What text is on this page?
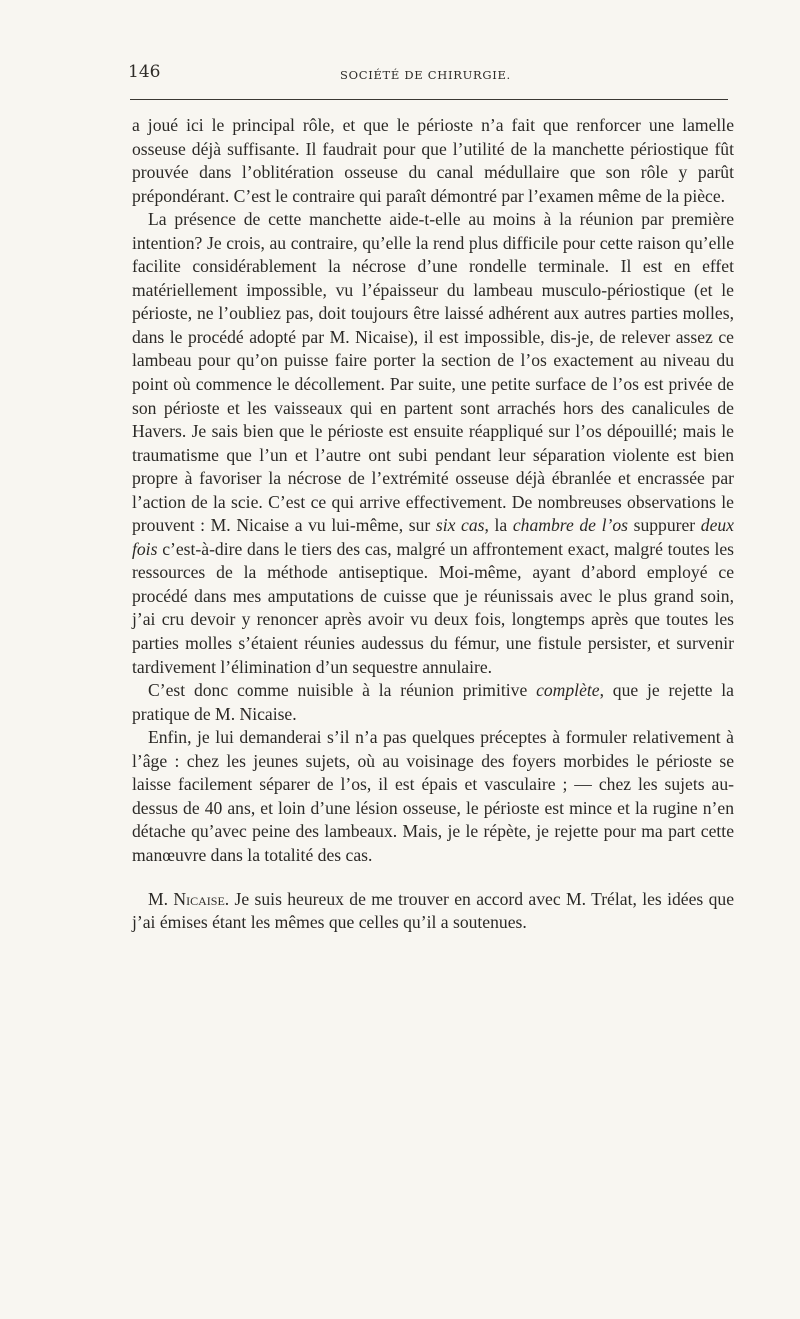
146	SOCIÉTÉ DE CHIRURGIE.

a joué ici le principal rôle, et que le périoste n’a fait que renforcer une lamelle osseuse déjà suffisante. Il faudrait pour que l’utilité de la manchette périostique fût prouvée dans l’oblitération osseuse du canal médullaire que son rôle y parût prépondérant. C’est le contraire qui paraît démontré par l’examen même de la pièce.

La présence de cette manchette aide-t-elle au moins à la réunion par première intention? Je crois, au contraire, qu’elle la rend plus difficile pour cette raison qu’elle facilite considérablement la nécrose d’une rondelle terminale. Il est en effet matériellement impossible, vu l’épaisseur du lambeau musculo-périostique (et le périoste, ne l’oubliez pas, doit toujours être laissé adhérent aux autres parties molles, dans le procédé adopté par M. Nicaise), il est impossible, dis-je, de relever assez ce lambeau pour qu’on puisse faire porter la section de l’os exactement au niveau du point où commence le décollement. Par suite, une petite surface de l’os est privée de son périoste et les vaisseaux qui en partent sont arrachés hors des canalicules de Havers. Je sais bien que le périoste est ensuite réappliqué sur l’os dépouillé; mais le traumatisme que l’un et l’autre ont subi pendant leur séparation violente est bien propre à favoriser la nécrose de l’extrémité osseuse déjà ébranlée et encrassée par l’action de la scie. C’est ce qui arrive effectivement. De nombreuses observations le prouvent : M. Nicaise a vu lui-même, sur six cas, la chambre de l’os suppurer deux fois c’est-à-dire dans le tiers des cas, malgré un affrontement exact, malgré toutes les ressources de la méthode antiseptique. Moi-même, ayant d’abord employé ce procédé dans mes amputations de cuisse que je réunissais avec le plus grand soin, j’ai cru devoir y renoncer après avoir vu deux fois, longtemps après que toutes les parties molles s’étaient réunies audessus du fémur, une fistule persister, et survenir tardivement l’élimination d’un sequestre annulaire.

C’est donc comme nuisible à la réunion primitive complète, que je rejette la pratique de M. Nicaise.

Enfin, je lui demanderai s’il n’a pas quelques préceptes à formuler relativement à l’âge : chez les jeunes sujets, où au voisinage des foyers morbides le périoste se laisse facilement séparer de l’os, il est épais et vasculaire ; — chez les sujets au-dessus de 40 ans, et loin d’une lésion osseuse, le périoste est mince et la rugine n’en détache qu’avec peine des lambeaux. Mais, je le répète, je rejette pour ma part cette manœuvre dans la totalité des cas.

M. Nicaise. Je suis heureux de me trouver en accord avec M. Trélat, les idées que j’ai émises étant les mêmes que celles qu’il a soutenues.
